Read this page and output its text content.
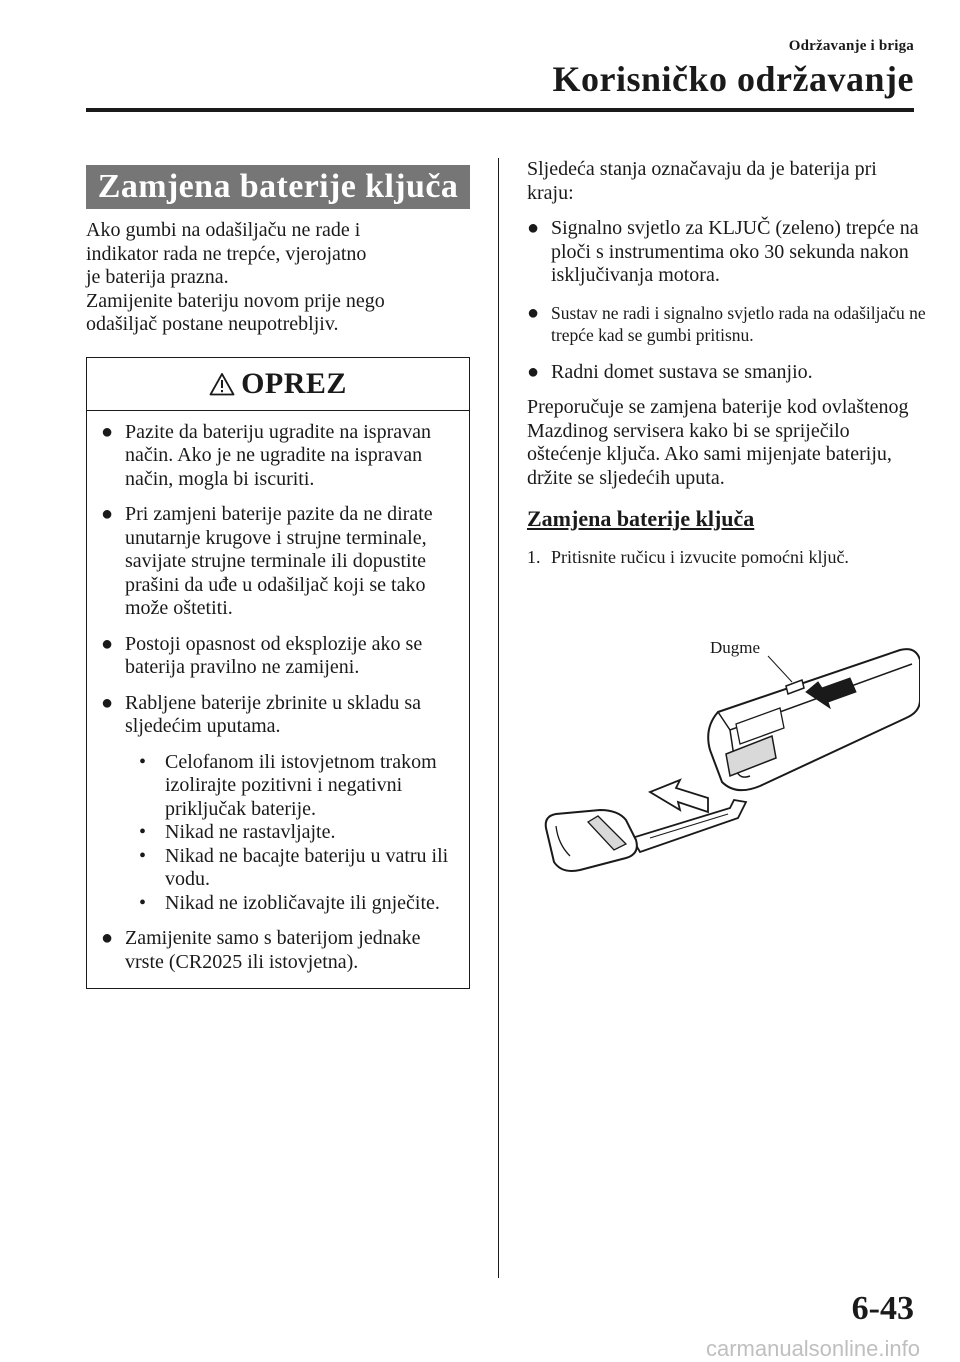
Održavanje i briga
Korisničko održavanje
Zamjena baterije ključa

Ako gumbi na odašiljaču ne rade i

indikator rada ne trepće, vjerojatno

je baterija prazna.

Zamijenite bateriju novom prije nego

odašiljač postane neupotrebljiv.

OPREZ
● Pazite da bateriju ugradite na ispravan način. Ako je ne ugradite na ispravan način, mogla bi iscuriti.
● Pri zamjeni baterije pazite da ne dirate unutarnje krugove i strujne terminale, savijate strujne terminale ili dopustite prašini da uđe u odašiljač koji se tako može oštetiti.
● Postoji opasnost od eksplozije ako se baterija pravilno ne zamijeni.
● Rabljene baterije zbrinite u skladu sa sljedećim uputama.
• Celofanom ili istovjetnom trakom izolirajte pozitivni i negativni priključak baterije.
• Nikad ne rastavljajte.
• Nikad ne bacajte bateriju u vatru ili vodu.
• Nikad ne izobličavajte ili gnječite.
● Zamijenite samo s baterijom jednake vrste (CR2025 ili istovjetna).

Sljedeća stanja označavaju da je baterija pri kraju:

● Signalno svjetlo za KLJUČ (zeleno) trepće na ploči s instrumentima oko 30 sekunda nakon isključivanja motora.
● Sustav ne radi i signalno svjetlo rada na odašiljaču ne trepće kad se gumbi pritisnu.
● Radni domet sustava se smanjio.

Preporučuje se zamjena baterije kod ovlaštenog Mazdinog servisera kako bi se spriječilo oštećenje ključa. Ako sami mijenjate bateriju, držite se sljedećih uputa.

Zamjena baterije ključa
1. Pritisnite ručicu i izvucite pomoćni ključ.
Dugme
6-43
carmanualsonline.info
